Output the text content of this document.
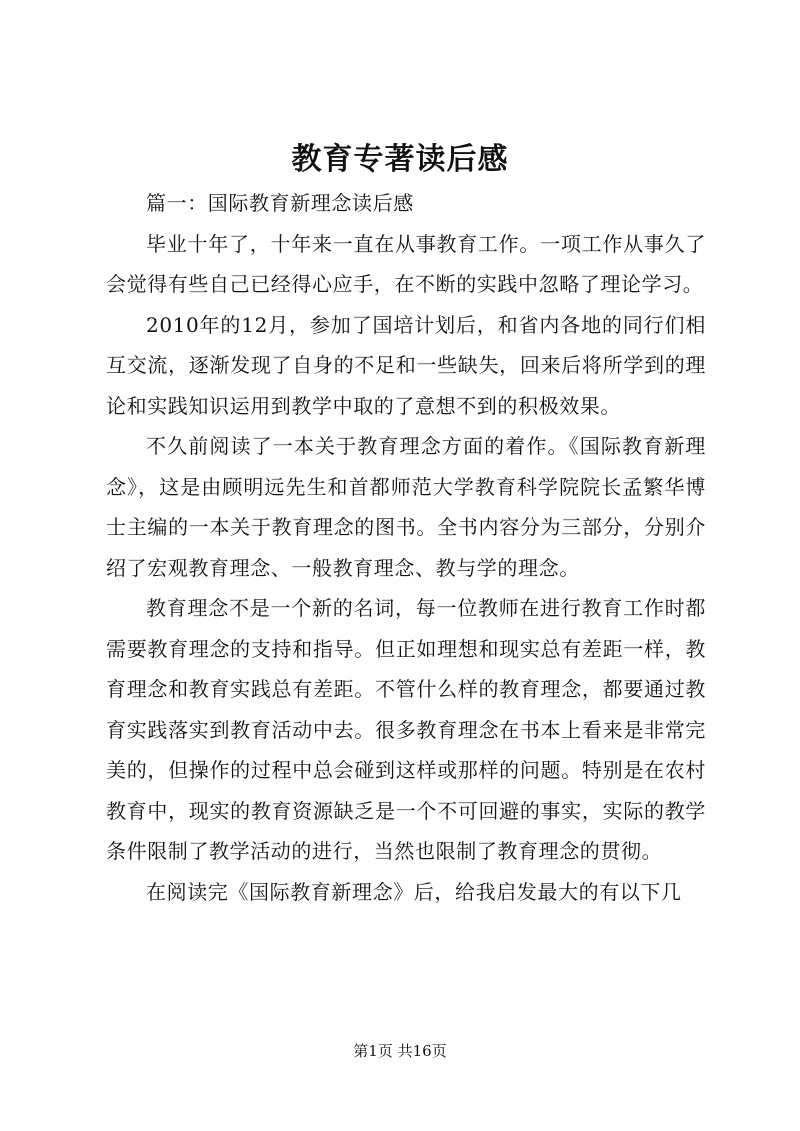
教育专著读后感

篇一：国际教育新理念读后感

毕业十年了，十年来一直在从事教育工作。一项工作从事久了会觉得有些自己已经得心应手，在不断的实践中忽略了理论学习。

2010年的12月，参加了国培计划后，和省内各地的同行们相互交流，逐渐发现了自身的不足和一些缺失，回来后将所学到的理论和实践知识运用到教学中取的了意想不到的积极效果。

不久前阅读了一本关于教育理念方面的着作。《国际教育新理念》，这是由顾明远先生和首都师范大学教育科学院院长孟繁华博士主编的一本关于教育理念的图书。全书内容分为三部分，分别介绍了宏观教育理念、一般教育理念、教与学的理念。

教育理念不是一个新的名词，每一位教师在进行教育工作时都需要教育理念的支持和指导。但正如理想和现实总有差距一样，教育理念和教育实践总有差距。不管什么样的教育理念，都要通过教育实践落实到教育活动中去。很多教育理念在书本上看来是非常完美的，但操作的过程中总会碰到这样或那样的问题。特别是在农村教育中，现实的教育资源缺乏是一个不可回避的事实，实际的教学条件限制了教学活动的进行，当然也限制了教育理念的贯彻。

在阅读完《国际教育新理念》后，给我启发最大的有以下几

第1页 共16页
